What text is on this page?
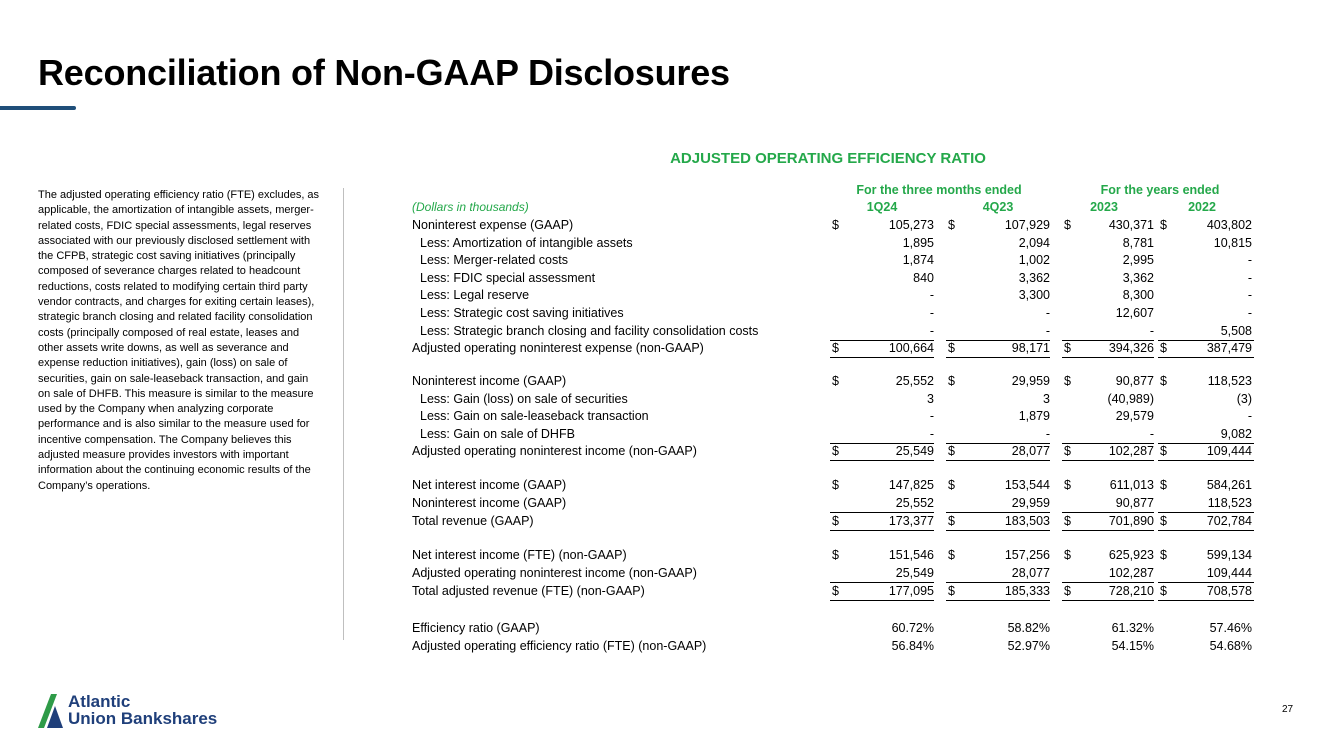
Reconciliation of Non-GAAP Disclosures

The adjusted operating efficiency ratio (FTE) excludes, as applicable, the amortization of intangible assets, merger-related costs, FDIC special assessments, legal reserves associated with our previously disclosed settlement with the CFPB, strategic cost saving initiatives (principally composed of severance charges related to headcount reductions, costs related to modifying certain third party vendor contracts, and charges for exiting certain leases), strategic branch closing and related facility consolidation costs (principally composed of real estate, leases and other assets write downs, as well as severance and expense reduction initiatives), gain (loss) on sale of securities, gain on sale-leaseback transaction, and gain on sale of DHFB. This measure is similar to the measure used by the Company when analyzing corporate performance and is also similar to the measure used for incentive compensation. The Company believes this adjusted measure provides investors with important information about the continuing economic results of the Company’s operations.

ADJUSTED OPERATING EFFICIENCY RATIO
For the three months ended	For the years ended
(Dollars in thousands)	1Q24	4Q23	2023	2022
Noninterest expense (GAAP)	$	105,273 $	107,929 $	430,371 $	403,802
Less: Amortization of intangible assets	1,895	2,094	8,781	10,815
Less: Merger-related costs	1,874	1,002	2,995	-
Less: FDIC special assessment	840	3,362	3,362	-
Less: Legal reserve	-	3,300	8,300	-
Less: Strategic cost saving initiatives	-	-	12,607	-
Less: Strategic branch closing and facility consolidation costs	-	-	-	5,508
Adjusted operating noninterest expense (non-GAAP)	$	100,664 $	98,171 $	394,326 $	387,479
Noninterest income (GAAP)	$	25,552 $	29,959 $	90,877 $	118,523
Less: Gain (loss) on sale of securities	3	3	(40,989)	(3)
Less: Gain on sale-leaseback transaction	-	1,879	29,579	-
Less: Gain on sale of DHFB	-	-	-	9,082
Adjusted operating noninterest income (non-GAAP)	$	25,549 $	28,077 $	102,287 $	109,444
Net interest income (GAAP)	$	147,825 $	153,544 $	611,013 $	584,261
Noninterest income (GAAP)	25,552	29,959	90,877	118,523
Total revenue (GAAP)	$	173,377 $	183,503 $	701,890 $	702,784
Net interest income (FTE) (non-GAAP)	$	151,546 $	157,256 $	625,923 $	599,134
Adjusted operating noninterest income (non-GAAP)	25,549	28,077	102,287	109,444
Total adjusted revenue (FTE) (non-GAAP)	$	177,095 $	185,333 $	728,210 $	708,578
Efficiency ratio (GAAP)	60.72%	58.82%	61.32%	57.46%
Adjusted operating efficiency ratio (FTE) (non-GAAP)	56.84%	52.97%	54.15%	54.68%
Atlantic
Union Bankshares	27
